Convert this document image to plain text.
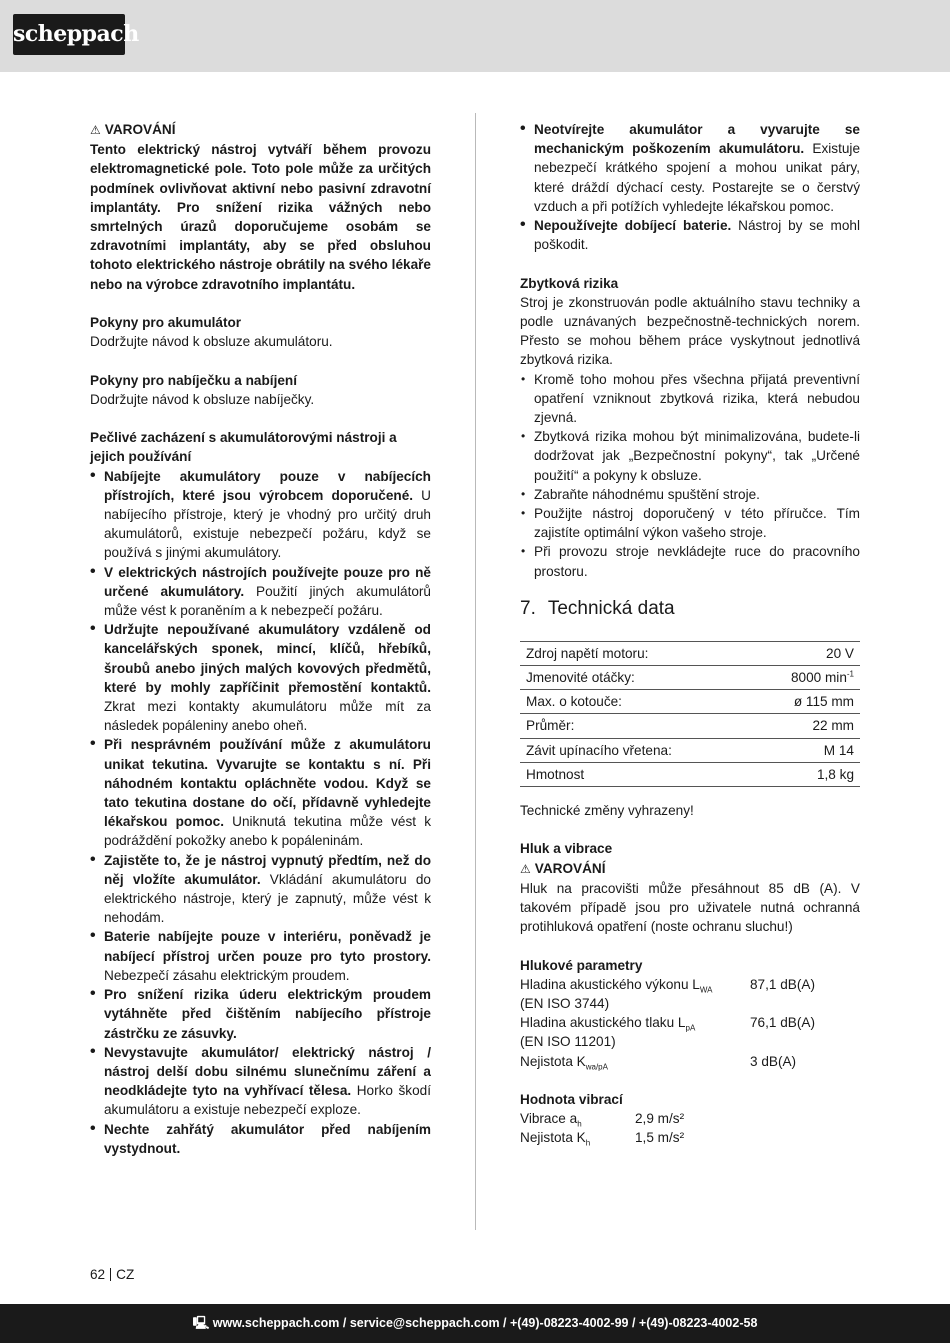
scheppach
⚠ VAROVÁNÍ

Tento elektrický nástroj vytváří během provozu elektromagnetické pole. Toto pole může za určitých podmínek ovlivňovat aktivní nebo pasivní zdravotní implantáty. Pro snížení rizika vážných nebo smrtelných úrazů doporučujeme osobám se zdravotními implantáty, aby se před obsluhou tohoto elektrického nástroje obrátily na svého lékaře nebo na výrobce zdravotního implantátu.

Pokyny pro akumulátor

Dodržujte návod k obsluze akumulátoru.

Pokyny pro nabíječku a nabíjení

Dodržujte návod k obsluze nabíječky.

Pečlivé zacházení s akumulátorovými nástroji a jejich používání
• Nabíjejte akumulátory pouze v nabíjecích přístrojích, které jsou výrobcem doporučené. U nabíjecího přístroje, který je vhodný pro určitý druh akumulátorů, existuje nebezpečí požáru, když se používá s jinými akumulátory.
• V elektrických nástrojích používejte pouze pro ně určené akumulátory. Použití jiných akumulátorů může vést k poraněním a k nebezpečí požáru.
• Udržujte nepoužívané akumulátory vzdáleně od kancelářských sponek, mincí, klíčů, hřebíků, šroubů anebo jiných malých kovových předmětů, které by mohly zapříčinit přemostění kontaktů. Zkrat mezi kontakty akumulátoru může mít za následek popáleniny anebo oheň.
• Při nesprávném používání může z akumulátoru unikat tekutina. Vyvarujte se kontaktu s ní. Při náhodném kontaktu opláchněte vodou. Když se tato tekutina dostane do očí, přídavně vyhledejte lékařskou pomoc. Uniknutá tekutina může vést k podráždění pokožky anebo k popáleninám.
• Zajistěte to, že je nástroj vypnutý předtím, než do něj vložíte akumulátor. Vkládání akumulátoru do elektrického nástroje, který je zapnutý, může vést k nehodám.
• Baterie nabíjejte pouze v interiéru, poněvadž je nabíjecí přístroj určen pouze pro tyto prostory. Nebezpečí zásahu elektrickým proudem.
• Pro snížení rizika úderu elektrickým proudem vytáhněte před čištěním nabíjecího přístroje zástrčku ze zásuvky.
• Nevystavujte akumulátor/ elektrický nástroj / nástroj delší dobu silnému slunečnímu záření a neodkládejte tyto na vyhřívací tělesa. Horko škodí akumulátoru a existuje nebezpečí exploze.
• Nechte zahřátý akumulátor před nabíjením vystydnout.
• Neotvírejte akumulátor a vyvarujte se mechanickým poškozením akumulátoru. Existuje nebezpečí krátkého spojení a mohou unikat páry, které dráždí dýchací cesty. Postarejte se o čerstvý vzduch a při potížích vyhledejte lékařskou pomoc.
• Nepoužívejte dobíjecí baterie. Nástroj by se mohl poškodit.
Zbytková rizika

Stroj je zkonstruován podle aktuálního stavu techniky a podle uznávaných bezpečnostně-technických norem. Přesto se mohou během práce vyskytnout jednotlivá zbytková rizika.

• Kromě toho mohou přes všechna přijatá preventivní opatření vzniknout zbytková rizika, která nebudou zjevná.
• Zbytková rizika mohou být minimalizována, budete-li dodržovat jak „Bezpečnostní pokyny“, tak „Určené použití“ a pokyny k obsluze.
• Zabraňte náhodnému spuštění stroje.
• Použijte nástroj doporučený v této příručce. Tím zajistíte optimální výkon vašeho stroje.
• Při provozu stroje nevkládejte ruce do pracovního prostoru.
7. Technická data
Zdroj napětí motoru:	20 V
Jmenovité otáčky:	8000 $\min^{-1}$
Max. o kotouče:	ø 115 mm
Průměr:	22 mm
Závit upínacího vřetena:	M 14
Hmotnost	1,8 kg

Technické změny vyhrazeny!

Hluk a vibrace
⚠ VAROVÁNÍ

Hluk na pracovišti může přesáhnout 85 dB (A). V takovém případě jsou pro uživatele nutná ochranná protihluková opatření (noste ochranu sluchu!)

Hlukové parametry
Hladina akustického výkonu $L_{WA}$	87,1 dB(A)
(EN ISO 3744)
Hladina akustického tlaku $L_{pA}$	76,1 dB(A)
(EN ISO 11201)
Nejistota $K_{wa/pA}$	3 dB(A)
Hodnota vibrací
Vibrace $a_h$	2,9 m/s²
Nejistota $K_h$	1,5 m/s²
62 CZ
🖳 www.scheppach.com / service@scheppach.com / +(49)-08223-4002-99 / +(49)-08223-4002-58
